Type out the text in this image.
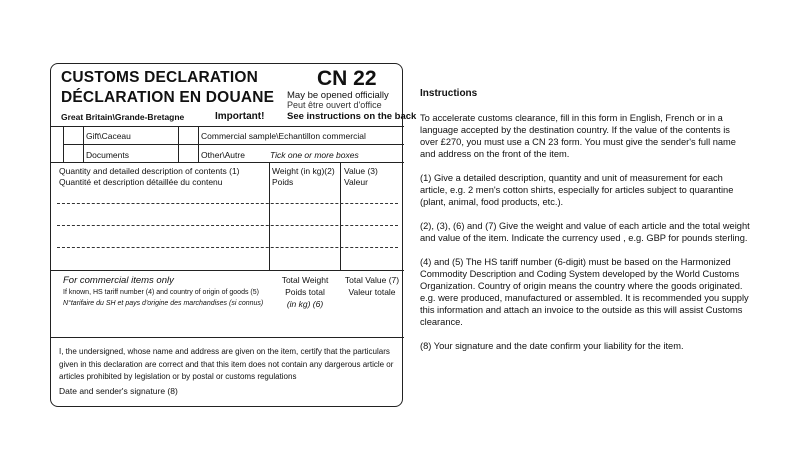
CUSTOMS DECLARATION
DÉCLARATION EN DOUANE
CN 22
May be opened officially
Peut être ouvert d'office
Great Britain\Grande-Bretagne	Important! See instructions on the back
Gift\Caceau
Documents
Commercial sample\Echantillon commercial
Other\Autre	Tick one or more boxes
Quantity and detailed description of contents (1)
Quantité et description détaillée du contenu
Weight (in kg)(2)
Poids
Value (3)
Valeur
For commercial items only
If known, HS tariff number (4) and country of origin of goods (5)
N°tarifaire du SH et pays d'origine des marchandises (si connus)
Total Weight
Poids total
(in kg) (6)
Total Value (7)
Valeur totale
I, the undersigned, whose name and address are given on the item, certify that the particulars given in this declaration are correct and that this item does not contain any dargerous article or articles prohibited by legislation or by postal or customs regulations
Date and sender's signature (8)
Instructions

To accelerate customs clearance, fill in this form in English, French or in a language accepted by the destination country. If the value of the contents is over £270, you must use a CN 23 form. You must give the sender's full name and address on the front of the item.

(1) Give a detailed description, quantity and unit of measurement for each article, e.g. 2 men's cotton shirts, especially for articles subject to quarantine (plant, animal, food products, etc.).

(2), (3), (6) and (7) Give the weight and value of each article and the total weight and value of the item. Indicate the currency used , e.g. GBP for pounds sterling.

(4) and (5) The HS tariff number (6-digit) must be based on the Harmonized Commodity Description and Coding System developed by the World Customs Organization. Country of origin means the country where the goods originated. e.g. were produced, manufactured or assembled. It is recommended you supply this information and attach an invoice to the outside as this will assist Customs clearance.

(8) Your signature and the date confirm your liability for the item.
